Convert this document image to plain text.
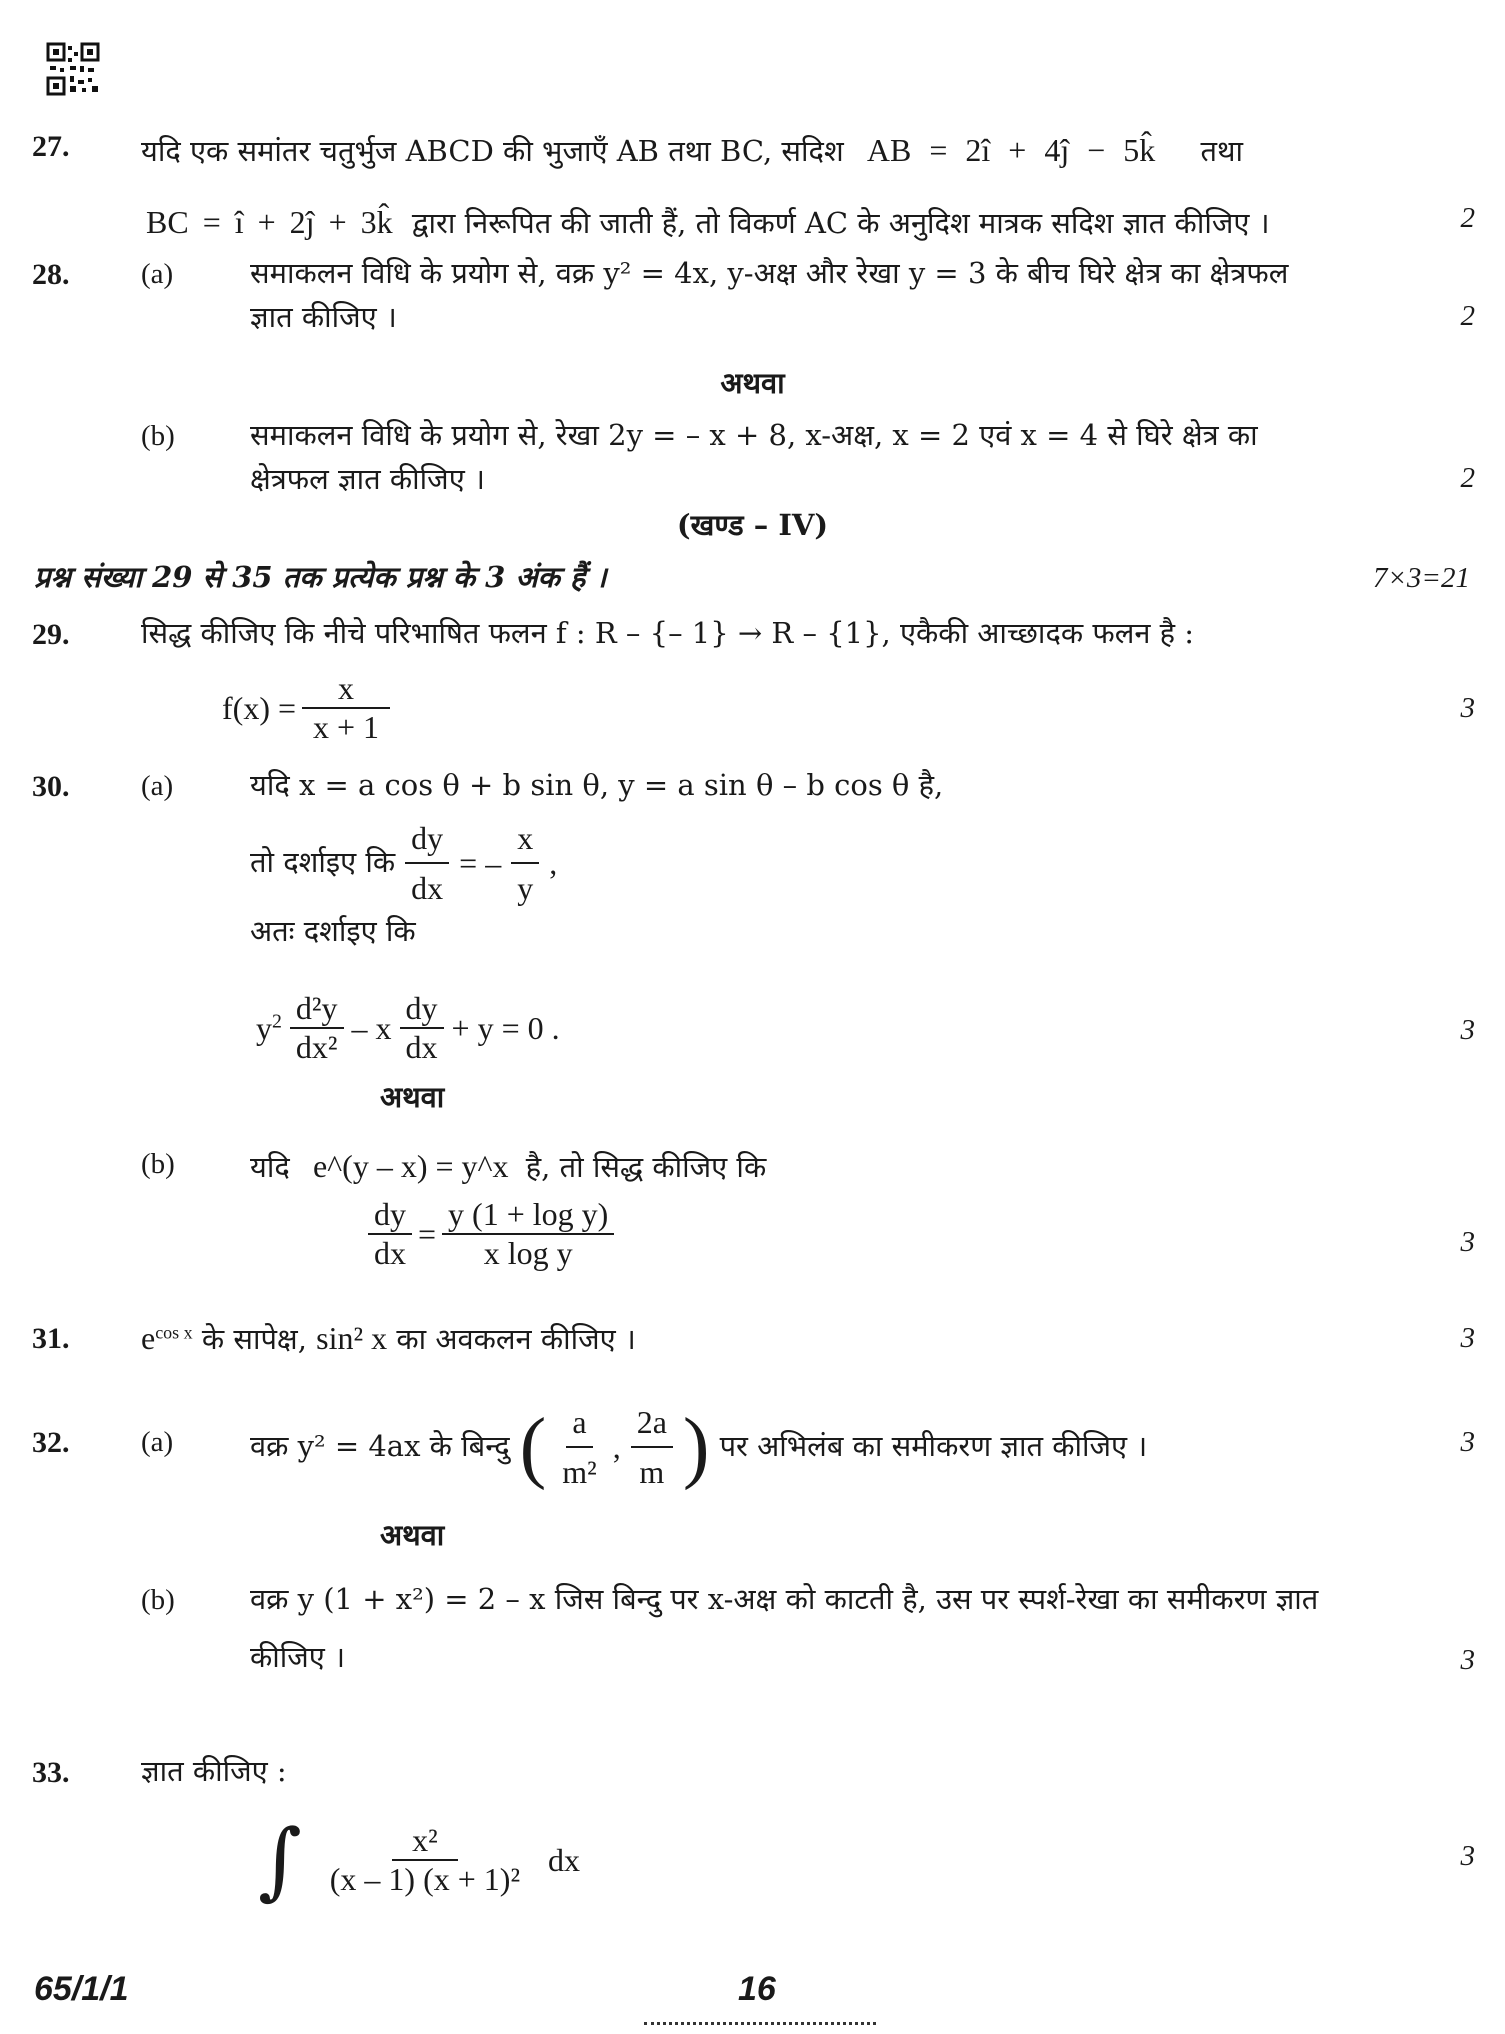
27. यदि एक समांतर चतुर्भुज ABCD की भुजाएँ AB तथा BC, सदिश AB = 2î + 4ĵ − 5k̂ तथा
BC = î + 2ĵ + 3k̂ द्वारा निरूपित की जाती हैं, तो विकर्ण AC के अनुदिश मात्रक सदिश ज्ञात कीजिए ।	2
28. (a)	समाकलन विधि के प्रयोग से, वक्र y² = 4x, y-अक्ष और रेखा y = 3 के बीच घिरे क्षेत्र का क्षेत्रफल
ज्ञात कीजिए ।	2
अथवा
(b)	समाकलन विधि के प्रयोग से, रेखा 2y = – x + 8, x-अक्ष, x = 2 एवं x = 4 से घिरे क्षेत्र का
क्षेत्रफल ज्ञात कीजिए ।	2
(खण्ड – IV)
प्रश्न संख्या 29 से 35 तक प्रत्येक प्रश्न के 3 अंक हैं ।	7×3=21
29. सिद्ध कीजिए कि नीचे परिभाषित फलन f : R – {– 1} → R – {1}, एकैकी आच्छादक फलन है :
$f(x) = \frac{x}{x + 1}$	3
30. (a)	यदि x = a cos θ + b sin θ, y = a sin θ – b cos θ है,
तो दर्शाइए कि $\frac{dy}{dx}$ = – $\frac{x}{y}$ ,
अतः दर्शाइए कि
$y^2 \frac{\text{d²y}}{\text{dx²}} - x \frac{dy}{dx} + y = 0$ .	3
अथवा
(b)	यदि e^(y – x) = y^x है, तो सिद्ध कीजिए कि
$\frac{dy}{dx} = \frac{\text{y (1 + log y)}}{\text{x log y}}$	3
31. $e^{cos x}$ के सापेक्ष, sin² x का अवकलन कीजिए ।	3
32. (a)	वक्र y² = 4ax के बिन्दु ( $\frac{a}{\text{m²}}$ , $\frac{2a}{m}$ ) पर अभिलंब का समीकरण ज्ञात कीजिए ।	3
अथवा
(b)	वक्र y (1 + x²) = 2 – x जिस बिन्दु पर x-अक्ष को काटती है, उस पर स्पर्श-रेखा का समीकरण ज्ञात
कीजिए ।	3
33. ज्ञात कीजिए :
∫ $\frac{\text{x²}}{\text{(x – 1) (x + 1)²}}$ dx	3
65/1/1	16
